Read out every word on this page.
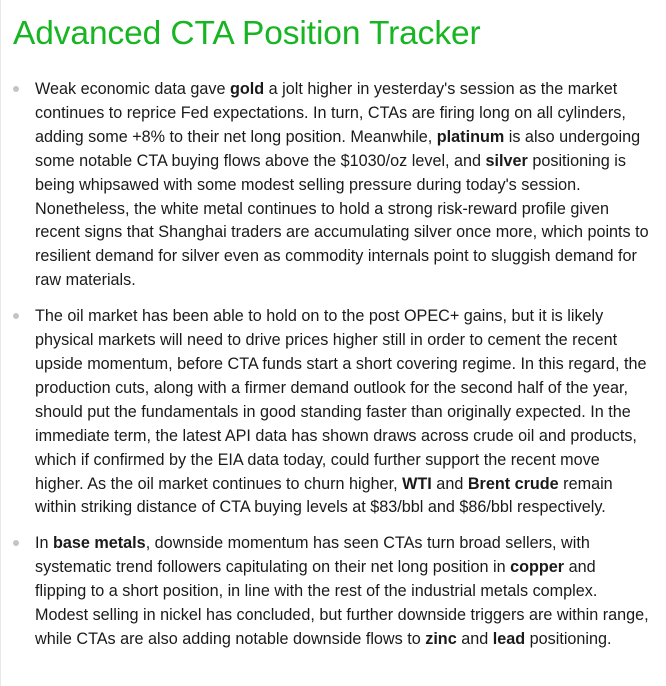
Advanced CTA Position Tracker
Weak economic data gave gold a jolt higher in yesterday's session as the market continues to reprice Fed expectations. In turn, CTAs are firing long on all cylinders, adding some +8% to their net long position. Meanwhile, platinum is also undergoing some notable CTA buying flows above the $1030/oz level, and silver positioning is being whipsawed with some modest selling pressure during today's session. Nonetheless, the white metal continues to hold a strong risk-reward profile given recent signs that Shanghai traders are accumulating silver once more, which points to resilient demand for silver even as commodity internals point to sluggish demand for raw materials.
The oil market has been able to hold on to the post OPEC+ gains, but it is likely physical markets will need to drive prices higher still in order to cement the recent upside momentum, before CTA funds start a short covering regime. In this regard, the production cuts, along with a firmer demand outlook for the second half of the year, should put the fundamentals in good standing faster than originally expected. In the immediate term, the latest API data has shown draws across crude oil and products, which if confirmed by the EIA data today, could further support the recent move higher. As the oil market continues to churn higher, WTI and Brent crude remain within striking distance of CTA buying levels at $83/bbl and $86/bbl respectively.
In base metals, downside momentum has seen CTAs turn broad sellers, with systematic trend followers capitulating on their net long position in copper and flipping to a short position, in line with the rest of the industrial metals complex. Modest selling in nickel has concluded, but further downside triggers are within range, while CTAs are also adding notable downside flows to zinc and lead positioning.
